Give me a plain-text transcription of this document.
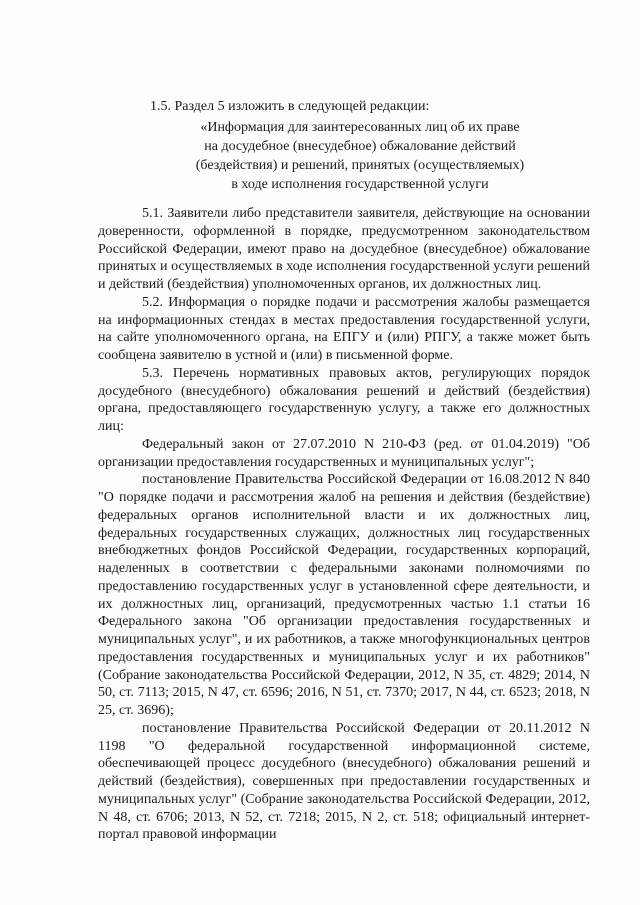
1.5. Раздел 5 изложить в следующей редакции:
«Информация для заинтересованных лиц об их праве
на досудебное (внесудебное) обжалование действий
(бездействия) и решений, принятых (осуществляемых)
в ходе исполнения государственной услуги

5.1. Заявители либо представители заявителя, действующие на основании доверенности, оформленной в порядке, предусмотренном законодательством Российской Федерации, имеют право на досудебное (внесудебное) обжалование принятых и осуществляемых в ходе исполнения государственной услуги решений и действий (бездействия) уполномоченных органов, их должностных лиц.

5.2. Информация о порядке подачи и рассмотрения жалобы размещается на информационных стендах в местах предоставления государственной услуги, на сайте уполномоченного органа, на ЕПГУ и (или) РПГУ, а также может быть сообщена заявителю в устной и (или) в письменной форме.

5.3. Перечень нормативных правовых актов, регулирующих порядок досудебного (внесудебного) обжалования решений и действий (бездействия) органа, предоставляющего государственную услугу, а также его должностных лиц:

Федеральный закон от 27.07.2010 N 210-ФЗ (ред. от 01.04.2019) "Об организации предоставления государственных и муниципальных услуг";

постановление Правительства Российской Федерации от 16.08.2012 N 840 "О порядке подачи и рассмотрения жалоб на решения и действия (бездействие) федеральных органов исполнительной власти и их должностных лиц, федеральных государственных служащих, должностных лиц государственных внебюджетных фондов Российской Федерации, государственных корпораций, наделенных в соответствии с федеральными законами полномочиями по предоставлению государственных услуг в установленной сфере деятельности, и их должностных лиц, организаций, предусмотренных частью 1.1 статьи 16 Федерального закона "Об организации предоставления государственных и муниципальных услуг", и их работников, а также многофункциональных центров предоставления государственных и муниципальных услуг и их работников" (Собрание законодательства Российской Федерации, 2012, N 35, ст. 4829; 2014, N 50, ст. 7113; 2015, N 47, ст. 6596; 2016, N 51, ст. 7370; 2017, N 44, ст. 6523; 2018, N 25, ст. 3696);

постановление Правительства Российской Федерации от 20.11.2012 N 1198 "О федеральной государственной информационной системе, обеспечивающей процесс досудебного (внесудебного) обжалования решений и действий (бездействия), совершенных при предоставлении государственных и муниципальных услуг" (Собрание законодательства Российской Федерации, 2012, N 48, ст. 6706; 2013, N 52, ст. 7218; 2015, N 2, ст. 518; официальный интернет-портал правовой информации
